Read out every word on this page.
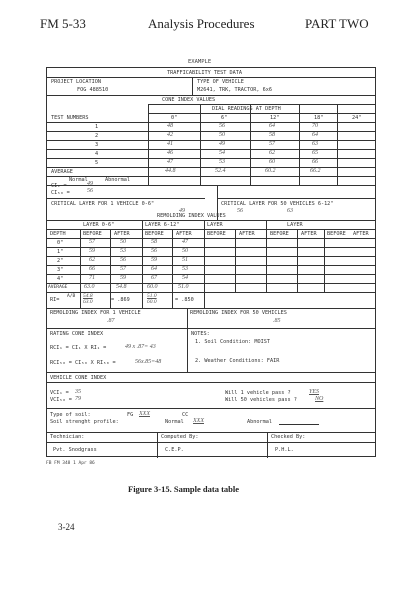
FM 5-33	Analysis Procedures	PART TWO
EXAMPLE
TRAFFICABILITY TEST DATA
PROJECT LOCATION
FOG 488510
TYPE OF VEHICLE
M2641, TRK, TRACTOR, 6x6
CONE INDEX VALUES
DIAL READINGS AT DEPTH
TEST NUMBERS	0"	6"	12"	18"	24"
1	48	56	64	70
2	42	50	58	64
3	41	49	57	63
4	46	54	62	65
5	47	53	60	66
AVERAGE	44.8	52.4	60.2	66.2
Normal	Abnormal
CI₁ =	49
CI₅₀ =	56
CRITICAL LAYER FOR 1 VEHICLE 0-6"	CRITICAL LAYER FOR 50 VEHICLES 6-12"
49	56	63
REMOLDING INDEX VALUES
LAYER 0-6"	LAYER 6-12"	LAYER	LAYER
DEPTH	BEFORE AFTER	BEFORE AFTER	BEFORE	AFTER	BEFORE AFTER BEFORE AFTER
0"	57	50	58	47
1"	59	53	56	50
2"	62	56	59	51
3"	66	57	64	53
4"	71	59	67	54
AVERAGE	63.0	54.8	60.0	51.0
RI=
A/B 54.8
63.0	= .869
51.0
60.0	= .850
REMOLDING INDEX FOR 1 VEHICLE
.87
REMOLDING INDEX FOR 50 VEHICLES
.85
RATING CONE INDEX
RCI₁ = CI₁ X RI₁ =	49 x .87= 43
RCI₅₀ = CI₅₀ X RI₅₀ =	56x.85=48
NOTES:
1. Soil Condition: MOIST
2. Weather Conditions: FAIR
VEHICLE CONE INDEX
VCI₁ = 35
VCI₅₀ = 79
Will 1 vehicle pass ?	YES
Will 50 vehicles pass ?	NO
Type of soil:	FG XXX	CC
Soil strenght profile:	Normal XXX	Abnormal
Technician:
Pvt. Snodgrass
Computed By:
C.E.P.
Checked By:
P.H.L.
FB FM 348 1 Apr 86
Figure 3-15. Sample data table
3-24
